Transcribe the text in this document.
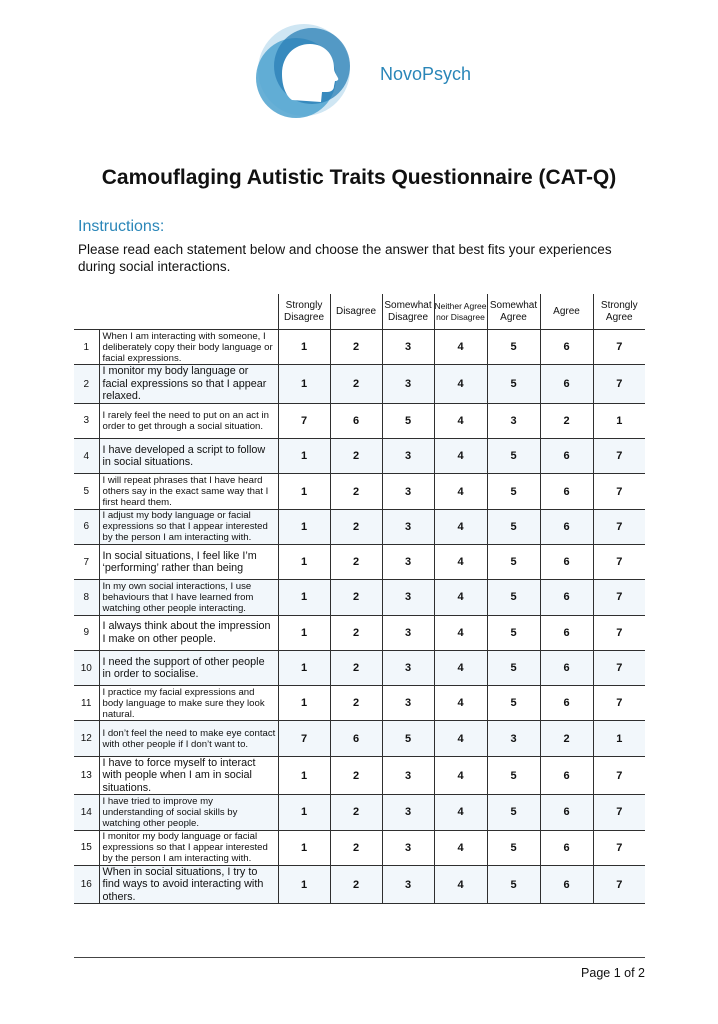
NovoPsych
Camouflaging Autistic Traits Questionnaire (CAT-Q)
Instructions:
Please read each statement below and choose the answer that best fits your experiences during social interactions.
		Strongly Disagree	Disagree	Somewhat Disagree	Neither Agree nor Disagree	Somewhat Agree	Agree	Strongly Agree
1	When I am interacting with someone, I deliberately copy their body language or facial expressions.	1	2	3	4	5	6	7
2	I monitor my body language or facial expressions so that I appear relaxed.	1	2	3	4	5	6	7
3	I rarely feel the need to put on an act in order to get through a social situation.	7	6	5	4	3	2	1
4	I have developed a script to follow in social situations.	1	2	3	4	5	6	7
5	I will repeat phrases that I have heard others say in the exact same way that I first heard them.	1	2	3	4	5	6	7
6	I adjust my body language or facial expressions so that I appear interested by the person I am interacting with.	1	2	3	4	5	6	7
7	In social situations, I feel like I’m ‘performing’ rather than being	1	2	3	4	5	6	7
8	In my own social interactions, I use behaviours that I have learned from watching other people interacting.	1	2	3	4	5	6	7
9	I always think about the impression I make on other people.	1	2	3	4	5	6	7
10	I need the support of other people in order to socialise.	1	2	3	4	5	6	7
11	I practice my facial expressions and body language to make sure they look natural.	1	2	3	4	5	6	7
12	I don’t feel the need to make eye contact with other people if I don’t want to.	7	6	5	4	3	2	1
13	I have to force myself to interact with people when I am in social situations.	1	2	3	4	5	6	7
14	I have tried to improve my understanding of social skills by watching other people.	1	2	3	4	5	6	7
15	I monitor my body language or facial expressions so that I appear interested by the person I am interacting with.	1	2	3	4	5	6	7
16	When in social situations, I try to find ways to avoid interacting with others.	1	2	3	4	5	6	7
Page 1 of 2
